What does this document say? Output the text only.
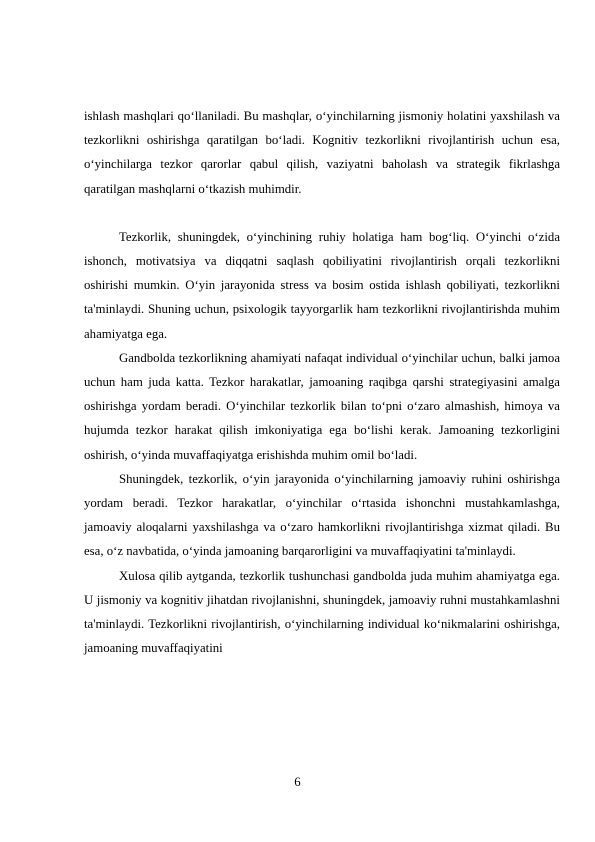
ishlash mashqlari qo‘llaniladi. Bu mashqlar, o‘yinchilarning jismoniy holatini yaxshilash va tezkorlikni oshirishga qaratilgan bo‘ladi. Kognitiv tezkorlikni rivojlantirish uchun esa, o‘yinchilarga tezkor qarorlar qabul qilish, vaziyatni baholash va strategik fikrlashga qaratilgan mashqlarni o‘tkazish muhimdir.

Tezkorlik, shuningdek, o‘yinchining ruhiy holatiga ham bog‘liq. O‘yinchi o‘zida ishonch, motivatsiya va diqqatni saqlash qobiliyatini rivojlantirish orqali tezkorlikni oshirishi mumkin. O‘yin jarayonida stress va bosim ostida ishlash qobiliyati, tezkorlikni ta'minlaydi. Shuning uchun, psixologik tayyorgarlik ham tezkorlikni rivojlantirishda muhim ahamiyatga ega.

Gandbolda tezkorlikning ahamiyati nafaqat individual o‘yinchilar uchun, balki jamoa uchun ham juda katta. Tezkor harakatlar, jamoaning raqibga qarshi strategiyasini amalga oshirishga yordam beradi. O‘yinchilar tezkorlik bilan to‘pni o‘zaro almashish, himoya va hujumda tezkor harakat qilish imkoniyatiga ega bo‘lishi kerak. Jamoaning tezkorligini oshirish, o‘yinda muvaffaqiyatga erishishda muhim omil bo‘ladi.

Shuningdek, tezkorlik, o‘yin jarayonida o‘yinchilarning jamoaviy ruhini oshirishga yordam beradi. Tezkor harakatlar, o‘yinchilar o‘rtasida ishonchni mustahkamlashga, jamoaviy aloqalarni yaxshilashga va o‘zaro hamkorlikni rivojlantirishga xizmat qiladi. Bu esa, o‘z navbatida, o‘yinda jamoaning barqarorligini va muvaffaqiyatini ta'minlaydi.

Xulosa qilib aytganda, tezkorlik tushunchasi gandbolda juda muhim ahamiyatga ega. U jismoniy va kognitiv jihatdan rivojlanishni, shuningdek, jamoaviy ruhni mustahkamlashni ta'minlaydi. Tezkorlikni rivojlantirish, o‘yinchilarning individual ko‘nikmalarini oshirishga, jamoaning muvaffaqiyatini

6
